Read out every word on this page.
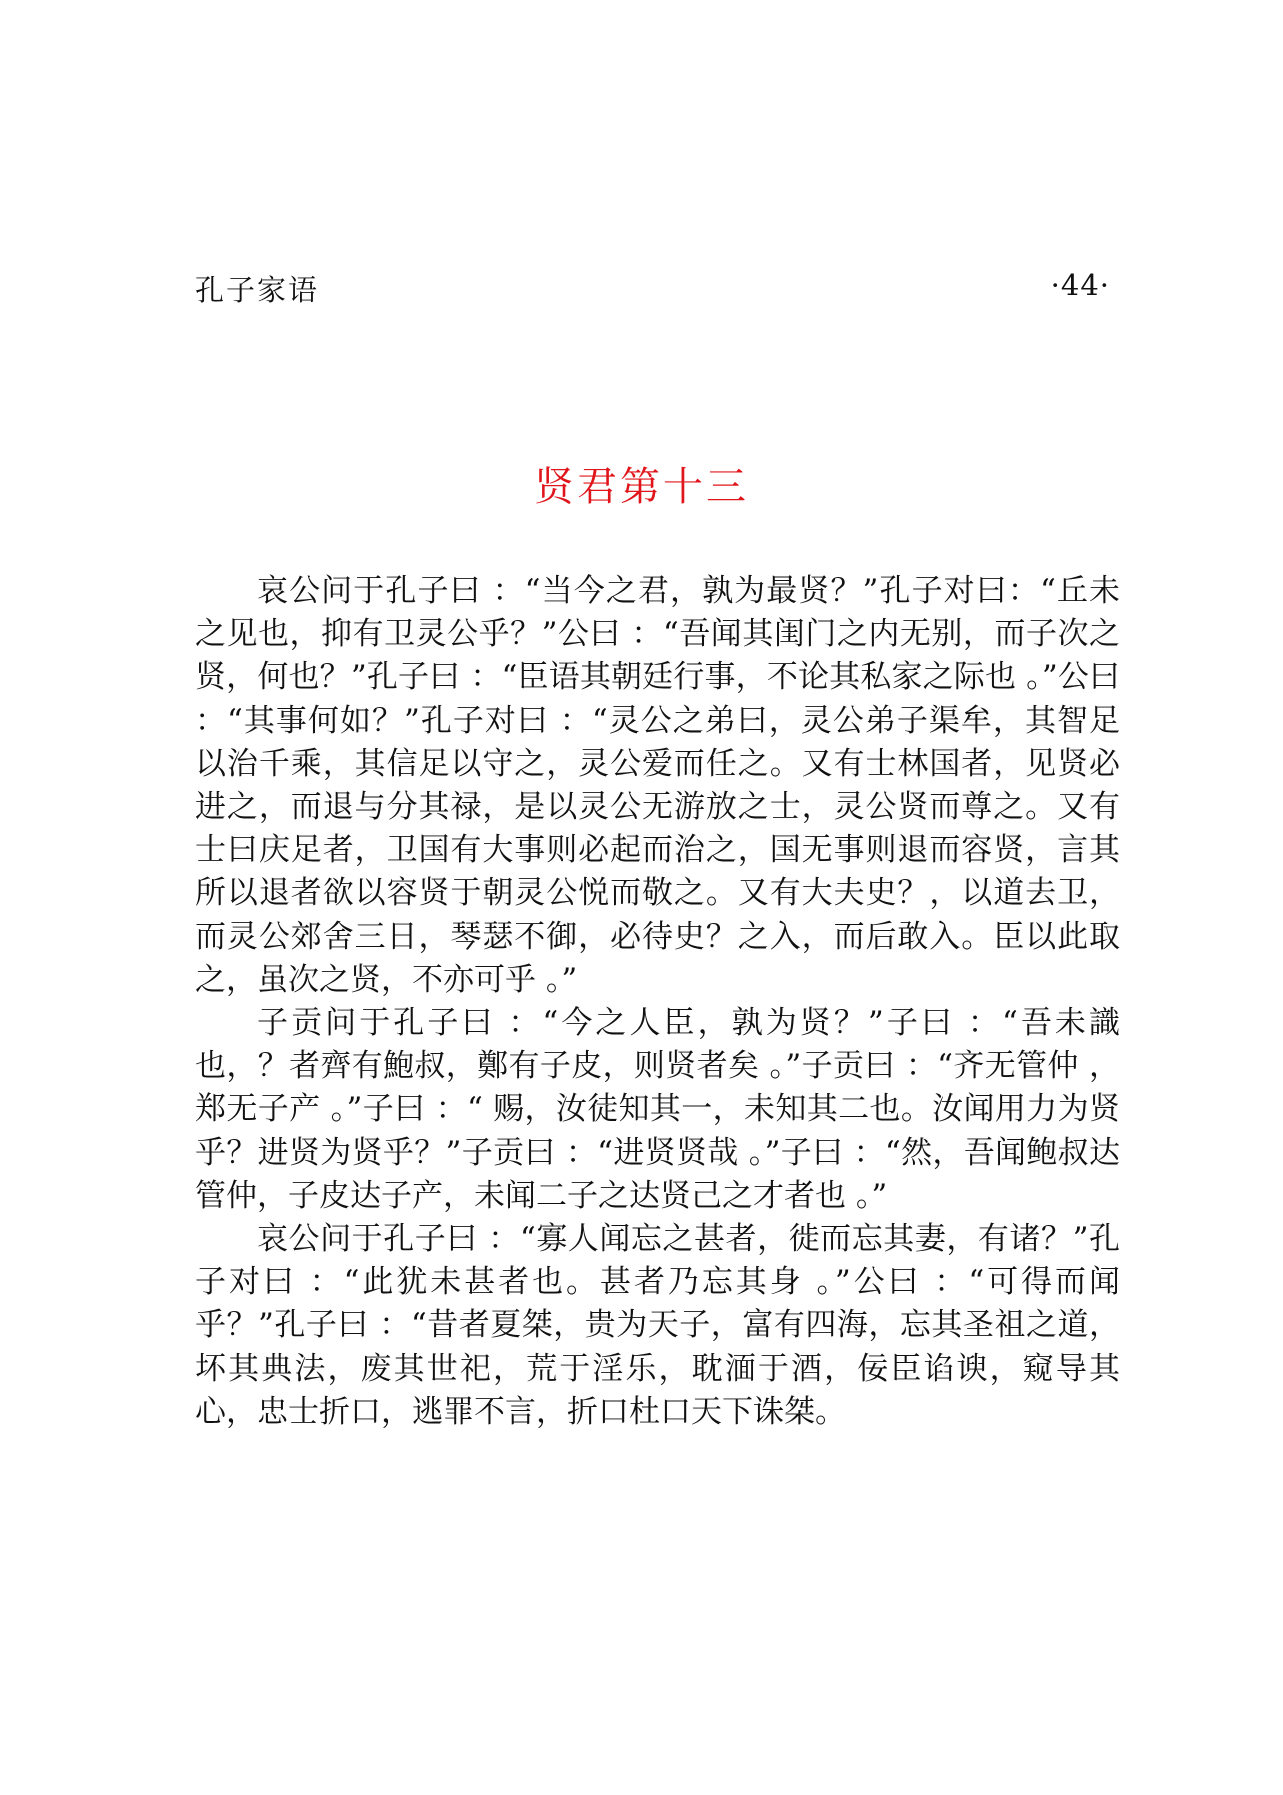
孔子家语	·44·
贤君第十三

哀公问于孔子曰 ：“当今之君，孰为最贤？”孔子对曰：“丘未之见也，抑有卫灵公乎？”公曰 ：“吾闻其闺门之内无别，而子次之贤，何也？”孔子曰 ：“臣语其朝廷行事，不论其私家之际也 。”公曰 ：“其事何如？”孔子对曰 ：“灵公之弟曰，灵公弟子渠牟，其智足以治千乘，其信足以守之，灵公爱而任之。又有士林国者，见贤必进之，而退与分其禄，是以灵公无游放之士，灵公贤而尊之。又有士曰庆足者，卫国有大事则必起而治之，国无事则退而容贤，言其所以退者欲以容贤于朝灵公悦而敬之。又有大夫史？，以道去卫，而灵公郊舍三日，琴瑟不御，必待史？之入，而后敢入。臣以此取之，虽次之贤，不亦可乎 。”

子贡问于孔子曰 ：“今之人臣，孰为贤？”子曰 ：“吾未識也，？者齊有鮑叔，鄭有子皮，则贤者矣 。”子贡曰 ：“齐无管仲 ，郑无子产 。”子曰 ：“ 赐，汝徒知其一，未知其二也。汝闻用力为贤乎？进贤为贤乎？”子贡曰 ：“进贤贤哉 。”子曰 ：“然，吾闻鲍叔达管仲，子皮达子产，未闻二子之达贤己之才者也 。”

哀公问于孔子曰 ：“寡人闻忘之甚者，徙而忘其妻，有诸？”孔子对曰 ：“此犹未甚者也。甚者乃忘其身 。”公曰 ：“可得而闻乎？”孔子曰 ：“昔者夏桀，贵为天子，富有四海，忘其圣祖之道，坏其典法，废其世祀，荒于淫乐，耽湎于酒，佞臣谄谀，窥导其心，忠士折口，逃罪不言，折口杜口天下诛桀。
